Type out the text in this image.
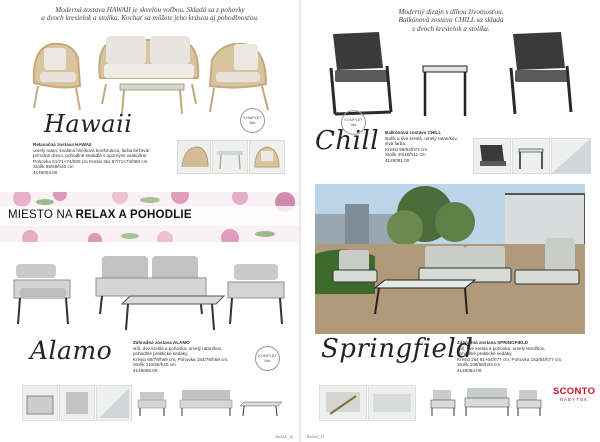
Moderná zostava HAWAII je skvelou voľbou. Skladá sa z pohovky
a dvoch kresielok a stolíka. Kochať sa môžete jeho krásou aj pohodlnosťou.
Hawaii	KOMPLET
8ks
Relaxačná zostava HAWAII
umelý ratan, kvalitná hliníková konštrukcia, farba béžová/
prírodné drevo, pohodlné sedadlá s opornými vankúšmi,
Pohovka 51/71×74/h80 cm Kreslo 2ks 57/71×74/h80 cm
Stolík 85/58/h40 cm
4149004.00
MIESTO NA RELAX A POHODLIE
Alamo	Záhradná zostava ALAMO
stôl, dve kreslá a pohovka, umelý ratan/kov,
pohodlné praktické sedáky,
Kreslo 66/78/h69 cm, Pohovka 154/78/h69 cm,
Stolík 110/56/h40 cm
4149058.00
KOMPLET
6ks
BAZAR_16
Moderný dizajn s dlhou životnosťou.
Balkónová zostava CHILL sa skladá
z dvoch kresielok a stolíka.
Chill
KOMPLET
3ks
Balkónová zostava CHILL
stolík a dve kreslá, umelý ratan/kov,
sivá farba,
Kreslo 59/64/h73 cm
Stolík 40/40/h41 cm
4149091.00
Springfield
Záhradná zostava SPRINGFIELD
stôl, dve kreslá a pohovka, umelý textil/kov,
pohodlné praktické sedáky,
Kreslo 2ks 61×64/h77 cm, Pohovka 153/64/h77 cm,
Stolík 108/56/h44 cm
4149064.00
SCONTO
NÁBYTOK
BAZAR_17
